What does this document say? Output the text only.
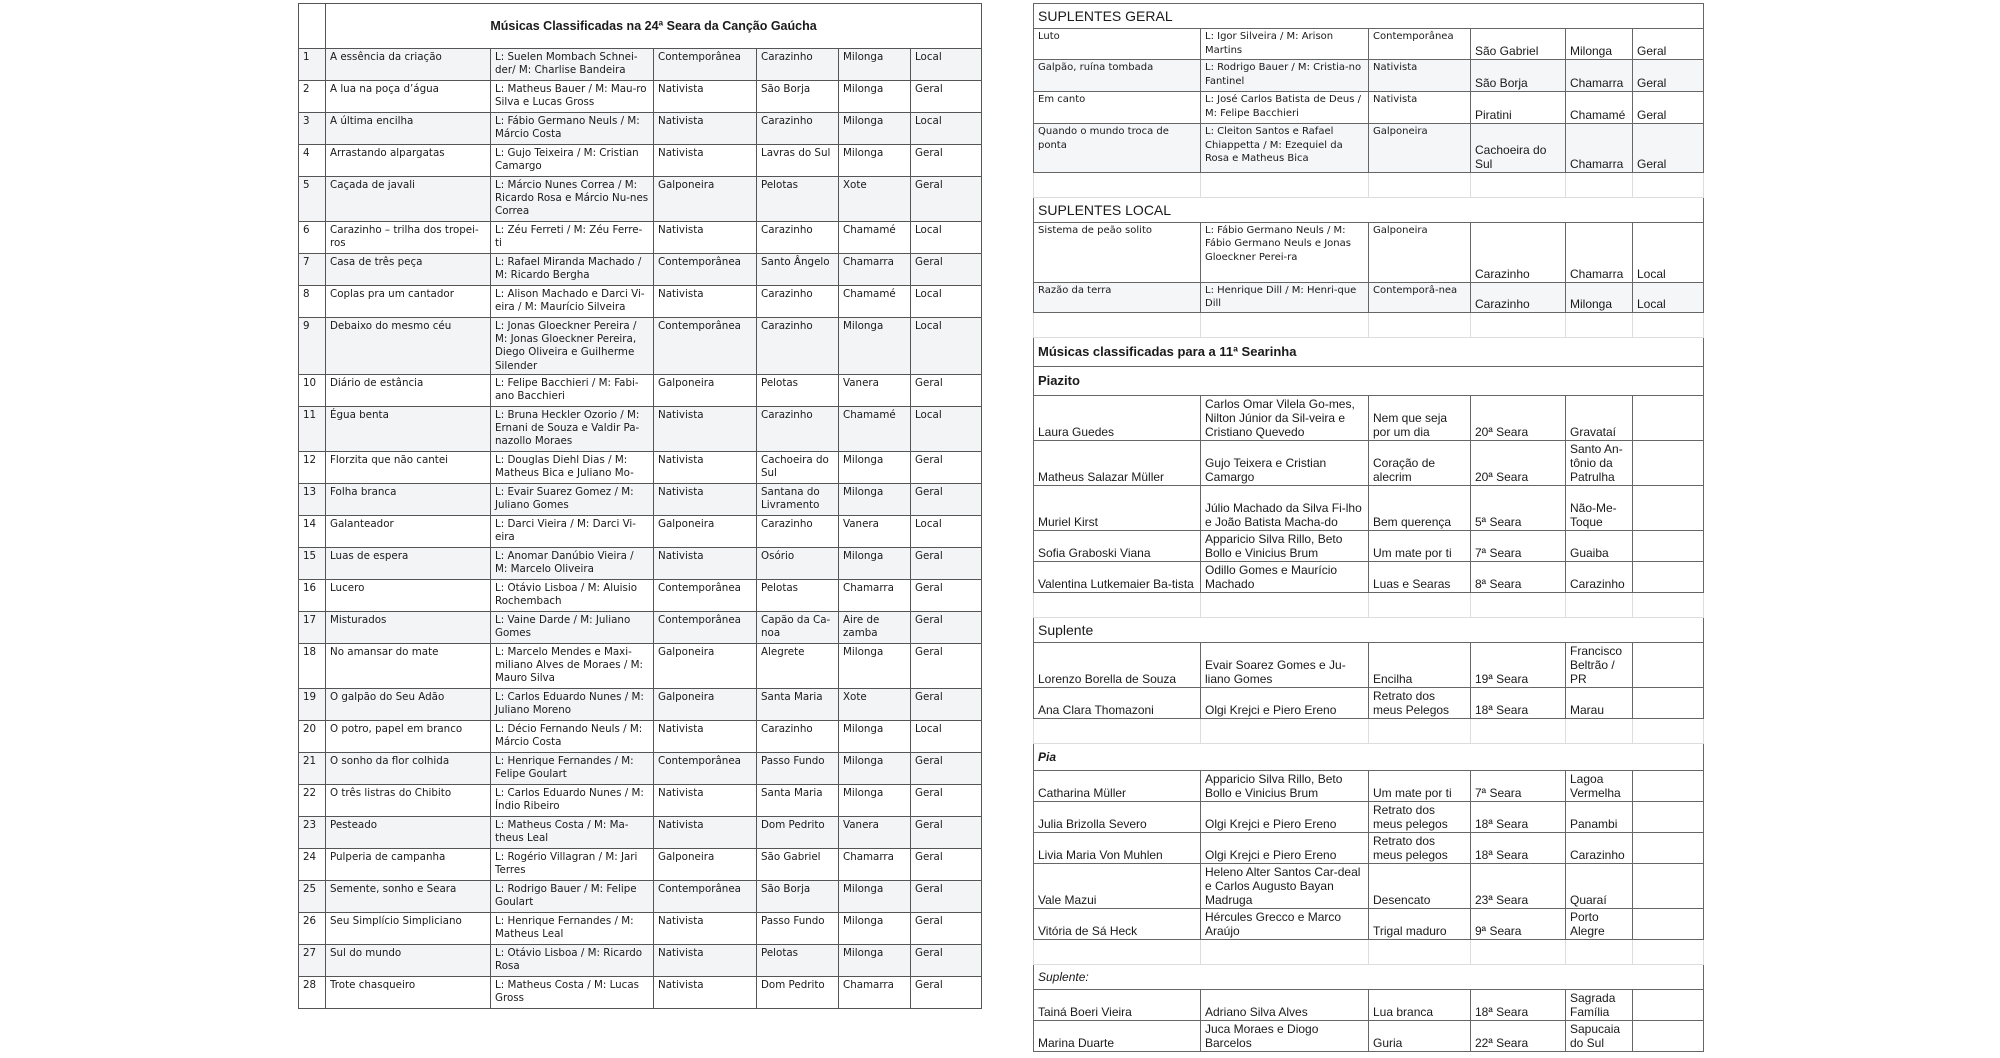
	Músicas Classificadas na 24ª Seara da Canção Gaúcha					
1	A essência da criação	L: Suelen Mombach Schnei-der/ M: Charlise Bandeira	Contemporânea	Carazinho	Milonga	Local
2	A lua na poça d’água	L: Matheus Bauer / M: Mau-ro Silva e Lucas Gross	Nativista	São Borja	Milonga	Geral
3	A última encilha	L: Fábio Germano Neuls / M: Márcio Costa	Nativista	Carazinho	Milonga	Local
4	Arrastando alpargatas	L: Gujo Teixeira / M: Cristian Camargo	Nativista	Lavras do Sul	Milonga	Geral
5	Caçada de javali	L: Márcio Nunes Correa / M: Ricardo Rosa e Márcio Nu-nes Correa	Galponeira	Pelotas	Xote	Geral
6	Carazinho – trilha dos tropei-ros	L: Zéu Ferreti / M: Zéu Ferre-ti	Nativista	Carazinho	Chamamé	Local
7	Casa de três peça	L: Rafael Miranda Machado / M: Ricardo Bergha	Contemporânea	Santo Ângelo	Chamarra	Geral
8	Coplas pra um cantador	L: Alison Machado e Darci Vi-eira / M: Maurício Silveira	Nativista	Carazinho	Chamamé	Local
9	Debaixo do mesmo céu	L: Jonas Gloeckner Pereira / M: Jonas Gloeckner Pereira, Diego Oliveira e Guilherme Silender	Contemporânea	Carazinho	Milonga	Local
10	Diário de estância	L: Felipe Bacchieri / M: Fabi-ano Bacchieri	Galponeira	Pelotas	Vanera	Geral
11	Égua benta	L: Bruna Heckler Ozorio / M: Ernani de Souza e Valdir Pa-nazollo Moraes	Nativista	Carazinho	Chamamé	Local
12	Florzita que não cantei	L: Douglas Diehl Dias / M: Matheus Bica e Juliano Mo-	Nativista	Cachoeira do Sul	Milonga	Geral
13	Folha branca	L: Evair Suarez Gomez / M: Juliano Gomes	Nativista	Santana do Livramento	Milonga	Geral
14	Galanteador	L: Darci Vieira / M: Darci Vi-eira	Galponeira	Carazinho	Vanera	Local
15	Luas de espera	L: Anomar Danúbio Vieira / M: Marcelo Oliveira	Nativista	Osório	Milonga	Geral
16	Lucero	L: Otávio Lisboa / M: Aluisio Rochembach	Contemporânea	Pelotas	Chamarra	Geral
17	Misturados	L: Vaine Darde / M: Juliano Gomes	Contemporânea	Capão da Ca-noa	Aire de zamba	Geral
18	No amansar do mate	L: Marcelo Mendes e Maxi-miliano Alves de Moraes / M: Mauro Silva	Galponeira	Alegrete	Milonga	Geral
19	O galpão do Seu Adão	L: Carlos Eduardo Nunes / M: Juliano Moreno	Galponeira	Santa Maria	Xote	Geral
20	O potro, papel em branco	L: Décio Fernando Neuls / M: Márcio Costa	Nativista	Carazinho	Milonga	Local
21	O sonho da flor colhida	L: Henrique Fernandes / M: Felipe Goulart	Contemporânea	Passo Fundo	Milonga	Geral
22	O três listras do Chibito	L: Carlos Eduardo Nunes / M: Índio Ribeiro	Nativista	Santa Maria	Milonga	Geral
23	Pesteado	L: Matheus Costa / M: Ma-theus Leal	Nativista	Dom Pedrito	Vanera	Geral
24	Pulperia de campanha	L: Rogério Villagran / M: Jari Terres	Galponeira	São Gabriel	Chamarra	Geral
25	Semente, sonho e Seara	L: Rodrigo Bauer / M: Felipe Goulart	Contemporânea	São Borja	Milonga	Geral
26	Seu Simplício Simpliciano	L: Henrique Fernandes / M: Matheus Leal	Nativista	Passo Fundo	Milonga	Geral
27	Sul do mundo	L: Otávio Lisboa / M: Ricardo Rosa	Nativista	Pelotas	Milonga	Geral
28	Trote chasqueiro	L: Matheus Costa / M: Lucas Gross	Nativista	Dom Pedrito	Chamarra	Geral
SUPLENTES GERAL					
Luto	L: Igor Silveira / M: Arison Martins	Contemporânea	São Gabriel	Milonga	Geral
Galpão, ruína tombada	L: Rodrigo Bauer / M: Cristia-no Fantinel	Nativista	São Borja	Chamarra	Geral
Em canto	L: José Carlos Batista de Deus / M: Felipe Bacchieri	Nativista	Piratini	Chamamé	Geral
Quando o mundo troca de ponta	L: Cleiton Santos e Rafael Chiappetta / M: Ezequiel da Rosa e Matheus Bica	Galponeira	Cachoeira do Sul	Chamarra	Geral

SUPLENTES LOCAL					
Sistema de peão solito	L: Fábio Germano Neuls / M: Fábio Germano Neuls e Jonas Gloeckner Perei-ra	Galponeira	Carazinho	Chamarra	Local
Razão da terra	L: Henrique Dill / M: Henri-que Dill	Contemporâ-nea	Carazinho	Milonga	Local

Músicas classificadas para a 11ª Searinha					
Piazito					
Laura Guedes	Carlos Omar Vilela Go-mes, Nilton Júnior da Sil-veira e Cristiano Quevedo	Nem que seja por um dia	20ª Seara	Gravataí	
Matheus Salazar Müller	Gujo Teixera e Cristian Camargo	Coração de alecrim	20ª Seara	Santo An-tônio da Patrulha	
Muriel Kirst	Júlio Machado da Silva Fi-lho e João Batista Macha-do	Bem querença	5ª Seara	Não-Me-Toque	
Sofia Graboski Viana	Apparicio Silva Rillo, Beto Bollo e Vinicius Brum	Um mate por ti	7ª Seara	Guaiba	
Valentina Lutkemaier Ba-tista	Odillo Gomes e Maurício Machado	Luas e Searas	8ª Seara	Carazinho	

Suplente					
Lorenzo Borella de Souza	Evair Soarez Gomes e Ju-liano Gomes	Encilha	19ª Seara	Francisco Beltrão / PR	
Ana Clara Thomazoni	Olgi Krejci e Piero Ereno	Retrato dos meus Pelegos	18ª Seara	Marau	

Pia					
Catharina Müller	Apparicio Silva Rillo, Beto Bollo e Vinicius Brum	Um mate por ti	7ª Seara	Lagoa Vermelha	
Julia Brizolla Severo	Olgi Krejci e Piero Ereno	Retrato dos meus pelegos	18ª Seara	Panambi	
Livia Maria Von Muhlen	Olgi Krejci e Piero Ereno	Retrato dos meus pelegos	18ª Seara	Carazinho	
Vale Mazui	Heleno Alter Santos Car-deal e Carlos Augusto Bayan Madruga	Desencato	23ª Seara	Quaraí	
Vitória de Sá Heck	Hércules Grecco e Marco Araújo	Trigal maduro	9ª Seara	Porto Alegre	

Suplente:					
Tainá Boeri Vieira	Adriano Silva Alves	Lua branca	18ª Seara	Sagrada Família	
Marina Duarte	Juca Moraes e Diogo Barcelos	Guria	22ª Seara	Sapucaia do Sul	
